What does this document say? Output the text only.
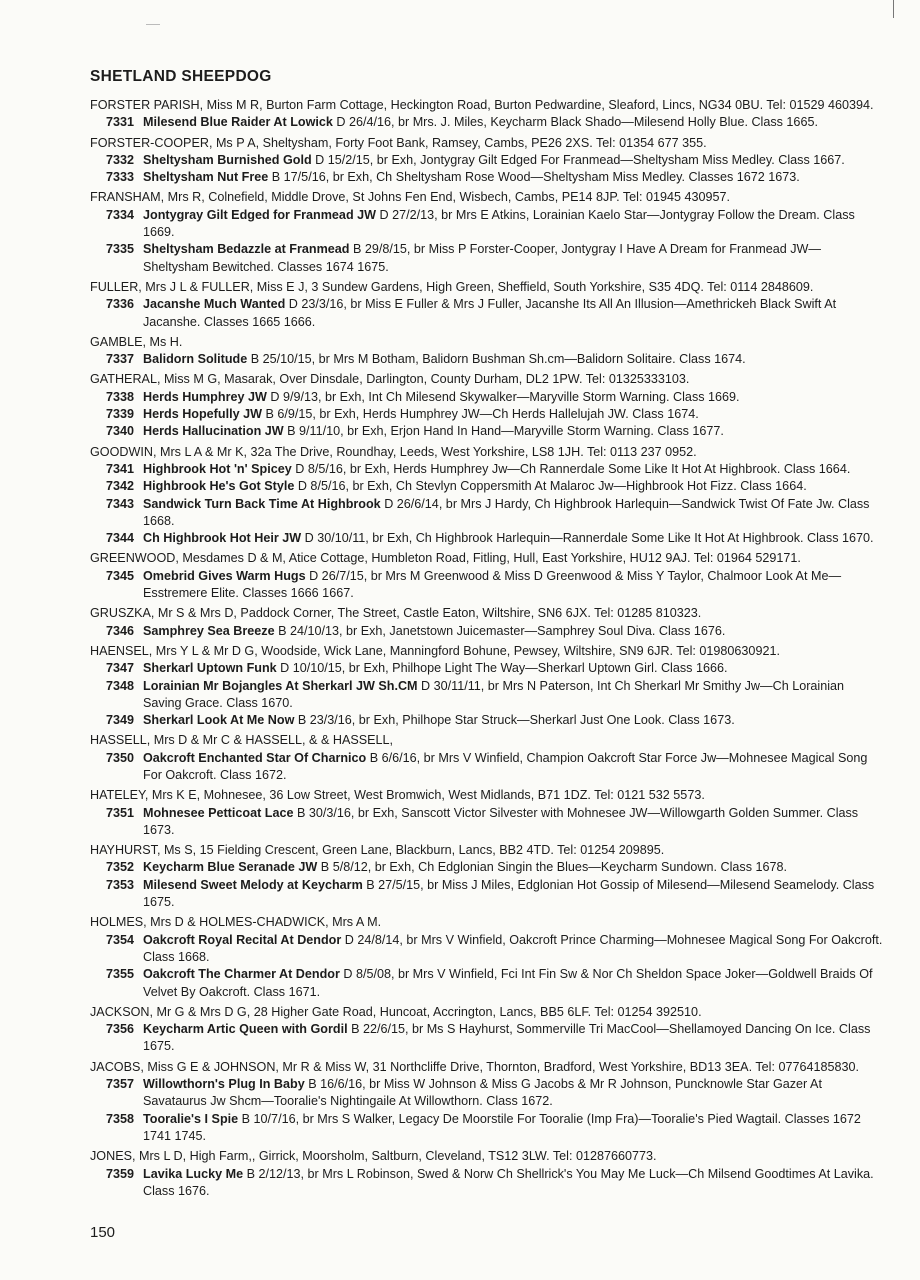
SHETLAND SHEEPDOG
FORSTER PARISH, Miss M R, Burton Farm Cottage, Heckington Road, Burton Pedwardine, Sleaford, Lincs, NG34 0BU. Tel: 01529 460394.
7331 Milesend Blue Raider At Lowick D 26/4/16, br Mrs. J. Miles, Keycharm Black Shado—Milesend Holly Blue. Class 1665.
FORSTER-COOPER, Ms P A, Sheltysham, Forty Foot Bank, Ramsey, Cambs, PE26 2XS. Tel: 01354 677 355.
7332 Sheltysham Burnished Gold D 15/2/15, br Exh, Jontygray Gilt Edged For Franmead—Sheltysham Miss Medley. Class 1667.
7333 Sheltysham Nut Free B 17/5/16, br Exh, Ch Sheltysham Rose Wood—Sheltysham Miss Medley. Classes 1672 1673.
FRANSHAM, Mrs R, Colnefield, Middle Drove, St Johns Fen End, Wisbech, Cambs, PE14 8JP. Tel: 01945 430957.
7334 Jontygray Gilt Edged for Franmead JW D 27/2/13, br Mrs E Atkins, Lorainian Kaelo Star—Jontygray Follow the Dream. Class 1669.
7335 Sheltysham Bedazzle at Franmead B 29/8/15, br Miss P Forster-Cooper, Jontygray I Have A Dream for Franmead JW—Sheltysham Bewitched. Classes 1674 1675.
FULLER, Mrs J L & FULLER, Miss E J, 3 Sundew Gardens, High Green, Sheffield, South Yorkshire, S35 4DQ. Tel: 0114 2848609.
7336 Jacanshe Much Wanted D 23/3/16, br Miss E Fuller & Mrs J Fuller, Jacanshe Its All An Illusion—Amethrickeh Black Swift At Jacanshe. Classes 1665 1666.
GAMBLE, Ms H.
7337 Balidorn Solitude B 25/10/15, br Mrs M Botham, Balidorn Bushman Sh.cm—Balidorn Solitaire. Class 1674.
GATHERAL, Miss M G, Masarak, Over Dinsdale, Darlington, County Durham, DL2 1PW. Tel: 01325333103.
7338 Herds Humphrey JW D 9/9/13, br Exh, Int Ch Milesend Skywalker—Maryville Storm Warning. Class 1669.
7339 Herds Hopefully JW B 6/9/15, br Exh, Herds Humphrey JW—Ch Herds Hallelujah JW. Class 1674.
7340 Herds Hallucination JW B 9/11/10, br Exh, Erjon Hand In Hand—Maryville Storm Warning. Class 1677.
GOODWIN, Mrs L A & Mr K, 32a The Drive, Roundhay, Leeds, West Yorkshire, LS8 1JH. Tel: 0113 237 0952.
7341 Highbrook Hot 'n' Spicey D 8/5/16, br Exh, Herds Humphrey Jw—Ch Rannerdale Some Like It Hot At Highbrook. Class 1664.
7342 Highbrook He's Got Style D 8/5/16, br Exh, Ch Stevlyn Coppersmith At Malaroc Jw—Highbrook Hot Fizz. Class 1664.
7343 Sandwick Turn Back Time At Highbrook D 26/6/14, br Mrs J Hardy, Ch Highbrook Harlequin—Sandwick Twist Of Fate Jw. Class 1668.
7344 Ch Highbrook Hot Heir JW D 30/10/11, br Exh, Ch Highbrook Harlequin—Rannerdale Some Like It Hot At Highbrook. Class 1670.
GREENWOOD, Mesdames D & M, Atice Cottage, Humbleton Road, Fitling, Hull, East Yorkshire, HU12 9AJ. Tel: 01964 529171.
7345 Omebrid Gives Warm Hugs D 26/7/15, br Mrs M Greenwood & Miss D Greenwood & Miss Y Taylor, Chalmoor Look At Me—Esstremere Elite. Classes 1666 1667.
GRUSZKA, Mr S & Mrs D, Paddock Corner, The Street, Castle Eaton, Wiltshire, SN6 6JX. Tel: 01285 810323.
7346 Samphrey Sea Breeze B 24/10/13, br Exh, Janetstown Juicemaster—Samphrey Soul Diva. Class 1676.
HAENSEL, Mrs Y L & Mr D G, Woodside, Wick Lane, Manningford Bohune, Pewsey, Wiltshire, SN9 6JR. Tel: 01980630921.
7347 Sherkarl Uptown Funk D 10/10/15, br Exh, Philhope Light The Way—Sherkarl Uptown Girl. Class 1666.
7348 Lorainian Mr Bojangles At Sherkarl JW Sh.CM D 30/11/11, br Mrs N Paterson, Int Ch Sherkarl Mr Smithy Jw—Ch Lorainian Saving Grace. Class 1670.
7349 Sherkarl Look At Me Now B 23/3/16, br Exh, Philhope Star Struck—Sherkarl Just One Look. Class 1673.
HASSELL, Mrs D & Mr C & HASSELL, & & HASSELL,
7350 Oakcroft Enchanted Star Of Charnico B 6/6/16, br Mrs V Winfield, Champion Oakcroft Star Force Jw—Mohnesee Magical Song For Oakcroft. Class 1672.
HATELEY, Mrs K E, Mohnesee, 36 Low Street, West Bromwich, West Midlands, B71 1DZ. Tel: 0121 532 5573.
7351 Mohnesee Petticoat Lace B 30/3/16, br Exh, Sanscott Victor Silvester with Mohnesee JW—Willowgarth Golden Summer. Class 1673.
HAYHURST, Ms S, 15 Fielding Crescent, Green Lane, Blackburn, Lancs, BB2 4TD. Tel: 01254 209895.
7352 Keycharm Blue Seranade JW B 5/8/12, br Exh, Ch Edglonian Singin the Blues—Keycharm Sundown. Class 1678.
7353 Milesend Sweet Melody at Keycharm B 27/5/15, br Miss J Miles, Edglonian Hot Gossip of Milesend—Milesend Seamelody. Class 1675.
HOLMES, Mrs D & HOLMES-CHADWICK, Mrs A M.
7354 Oakcroft Royal Recital At Dendor D 24/8/14, br Mrs V Winfield, Oakcroft Prince Charming—Mohnesee Magical Song For Oakcroft. Class 1668.
7355 Oakcroft The Charmer At Dendor D 8/5/08, br Mrs V Winfield, Fci Int Fin Sw & Nor Ch Sheldon Space Joker—Goldwell Braids Of Velvet By Oakcroft. Class 1671.
JACKSON, Mr G & Mrs D G, 28 Higher Gate Road, Huncoat, Accrington, Lancs, BB5 6LF. Tel: 01254 392510.
7356 Keycharm Artic Queen with Gordil B 22/6/15, br Ms S Hayhurst, Sommerville Tri MacCool—Shellamoyed Dancing On Ice. Class 1675.
JACOBS, Miss G E & JOHNSON, Mr R & Miss W, 31 Northcliffe Drive, Thornton, Bradford, West Yorkshire, BD13 3EA. Tel: 07764185830.
7357 Willowthorn's Plug In Baby B 16/6/16, br Miss W Johnson & Miss G Jacobs & Mr R Johnson, Puncknowle Star Gazer At Savataurus Jw Shcm—Tooralie's Nightingaile At Willowthorn. Class 1672.
7358 Tooralie's I Spie B 10/7/16, br Mrs S Walker, Legacy De Moorstile For Tooralie (Imp Fra)—Tooralie's Pied Wagtail. Classes 1672 1741 1745.
JONES, Mrs L D, High Farm,, Girrick, Moorsholm, Saltburn, Cleveland, TS12 3LW. Tel: 01287660773.
7359 Lavika Lucky Me B 2/12/13, br Mrs L Robinson, Swed & Norw Ch Shellrick's You May Me Luck—Ch Milsend Goodtimes At Lavika. Class 1676.
150
